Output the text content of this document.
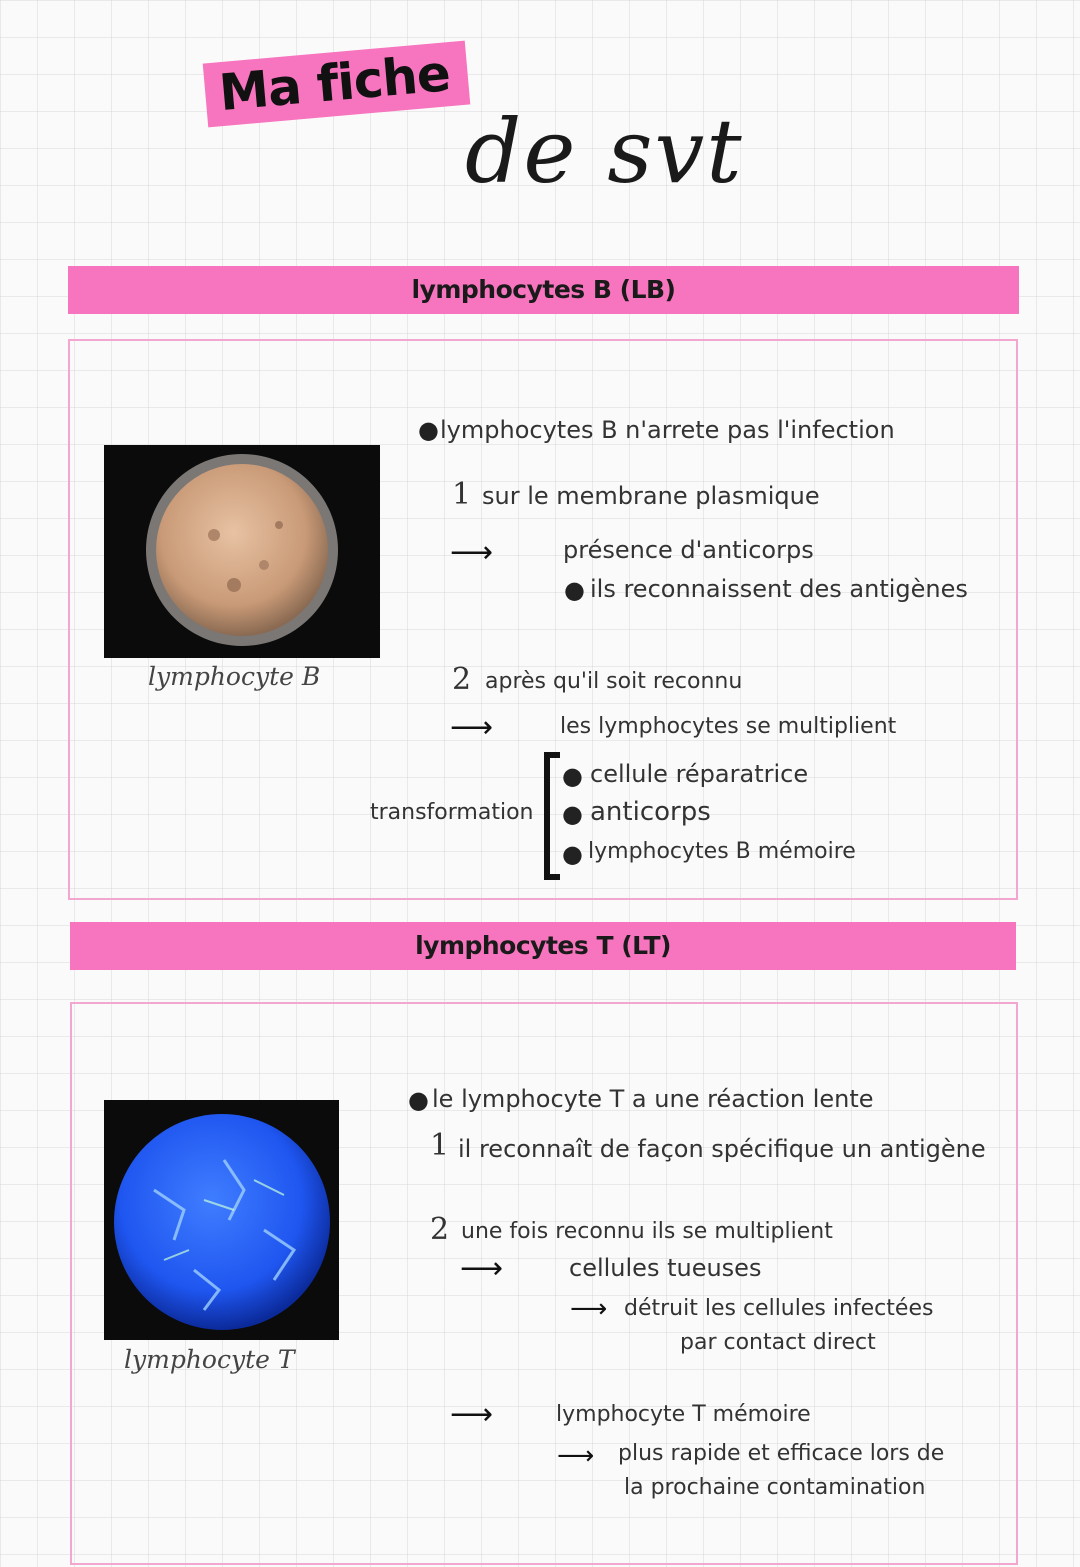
Ma fiche
de svt
lymphocytes B (LB)
lymphocyte B
● lymphocytes B n'arrete pas l'infection
1 sur le membrane plasmique
⟶	présence d'anticorps
● ils reconnaissent des antigènes
2 après qu'il soit reconnu
⟶	les lymphocytes se multiplient
transformation
● cellule réparatrice
● anticorps
● lymphocytes B mémoire
lymphocytes T (LT)
lymphocyte T
● le lymphocyte T a une réaction lente
1 il reconnaît de façon spécifique un antigène
2 une fois reconnu ils se multiplient
⟶	cellules tueuses
⟶ détruit les cellules infectées
par contact direct
⟶	lymphocyte T mémoire
⟶ plus rapide et efficace lors de
la prochaine contamination
